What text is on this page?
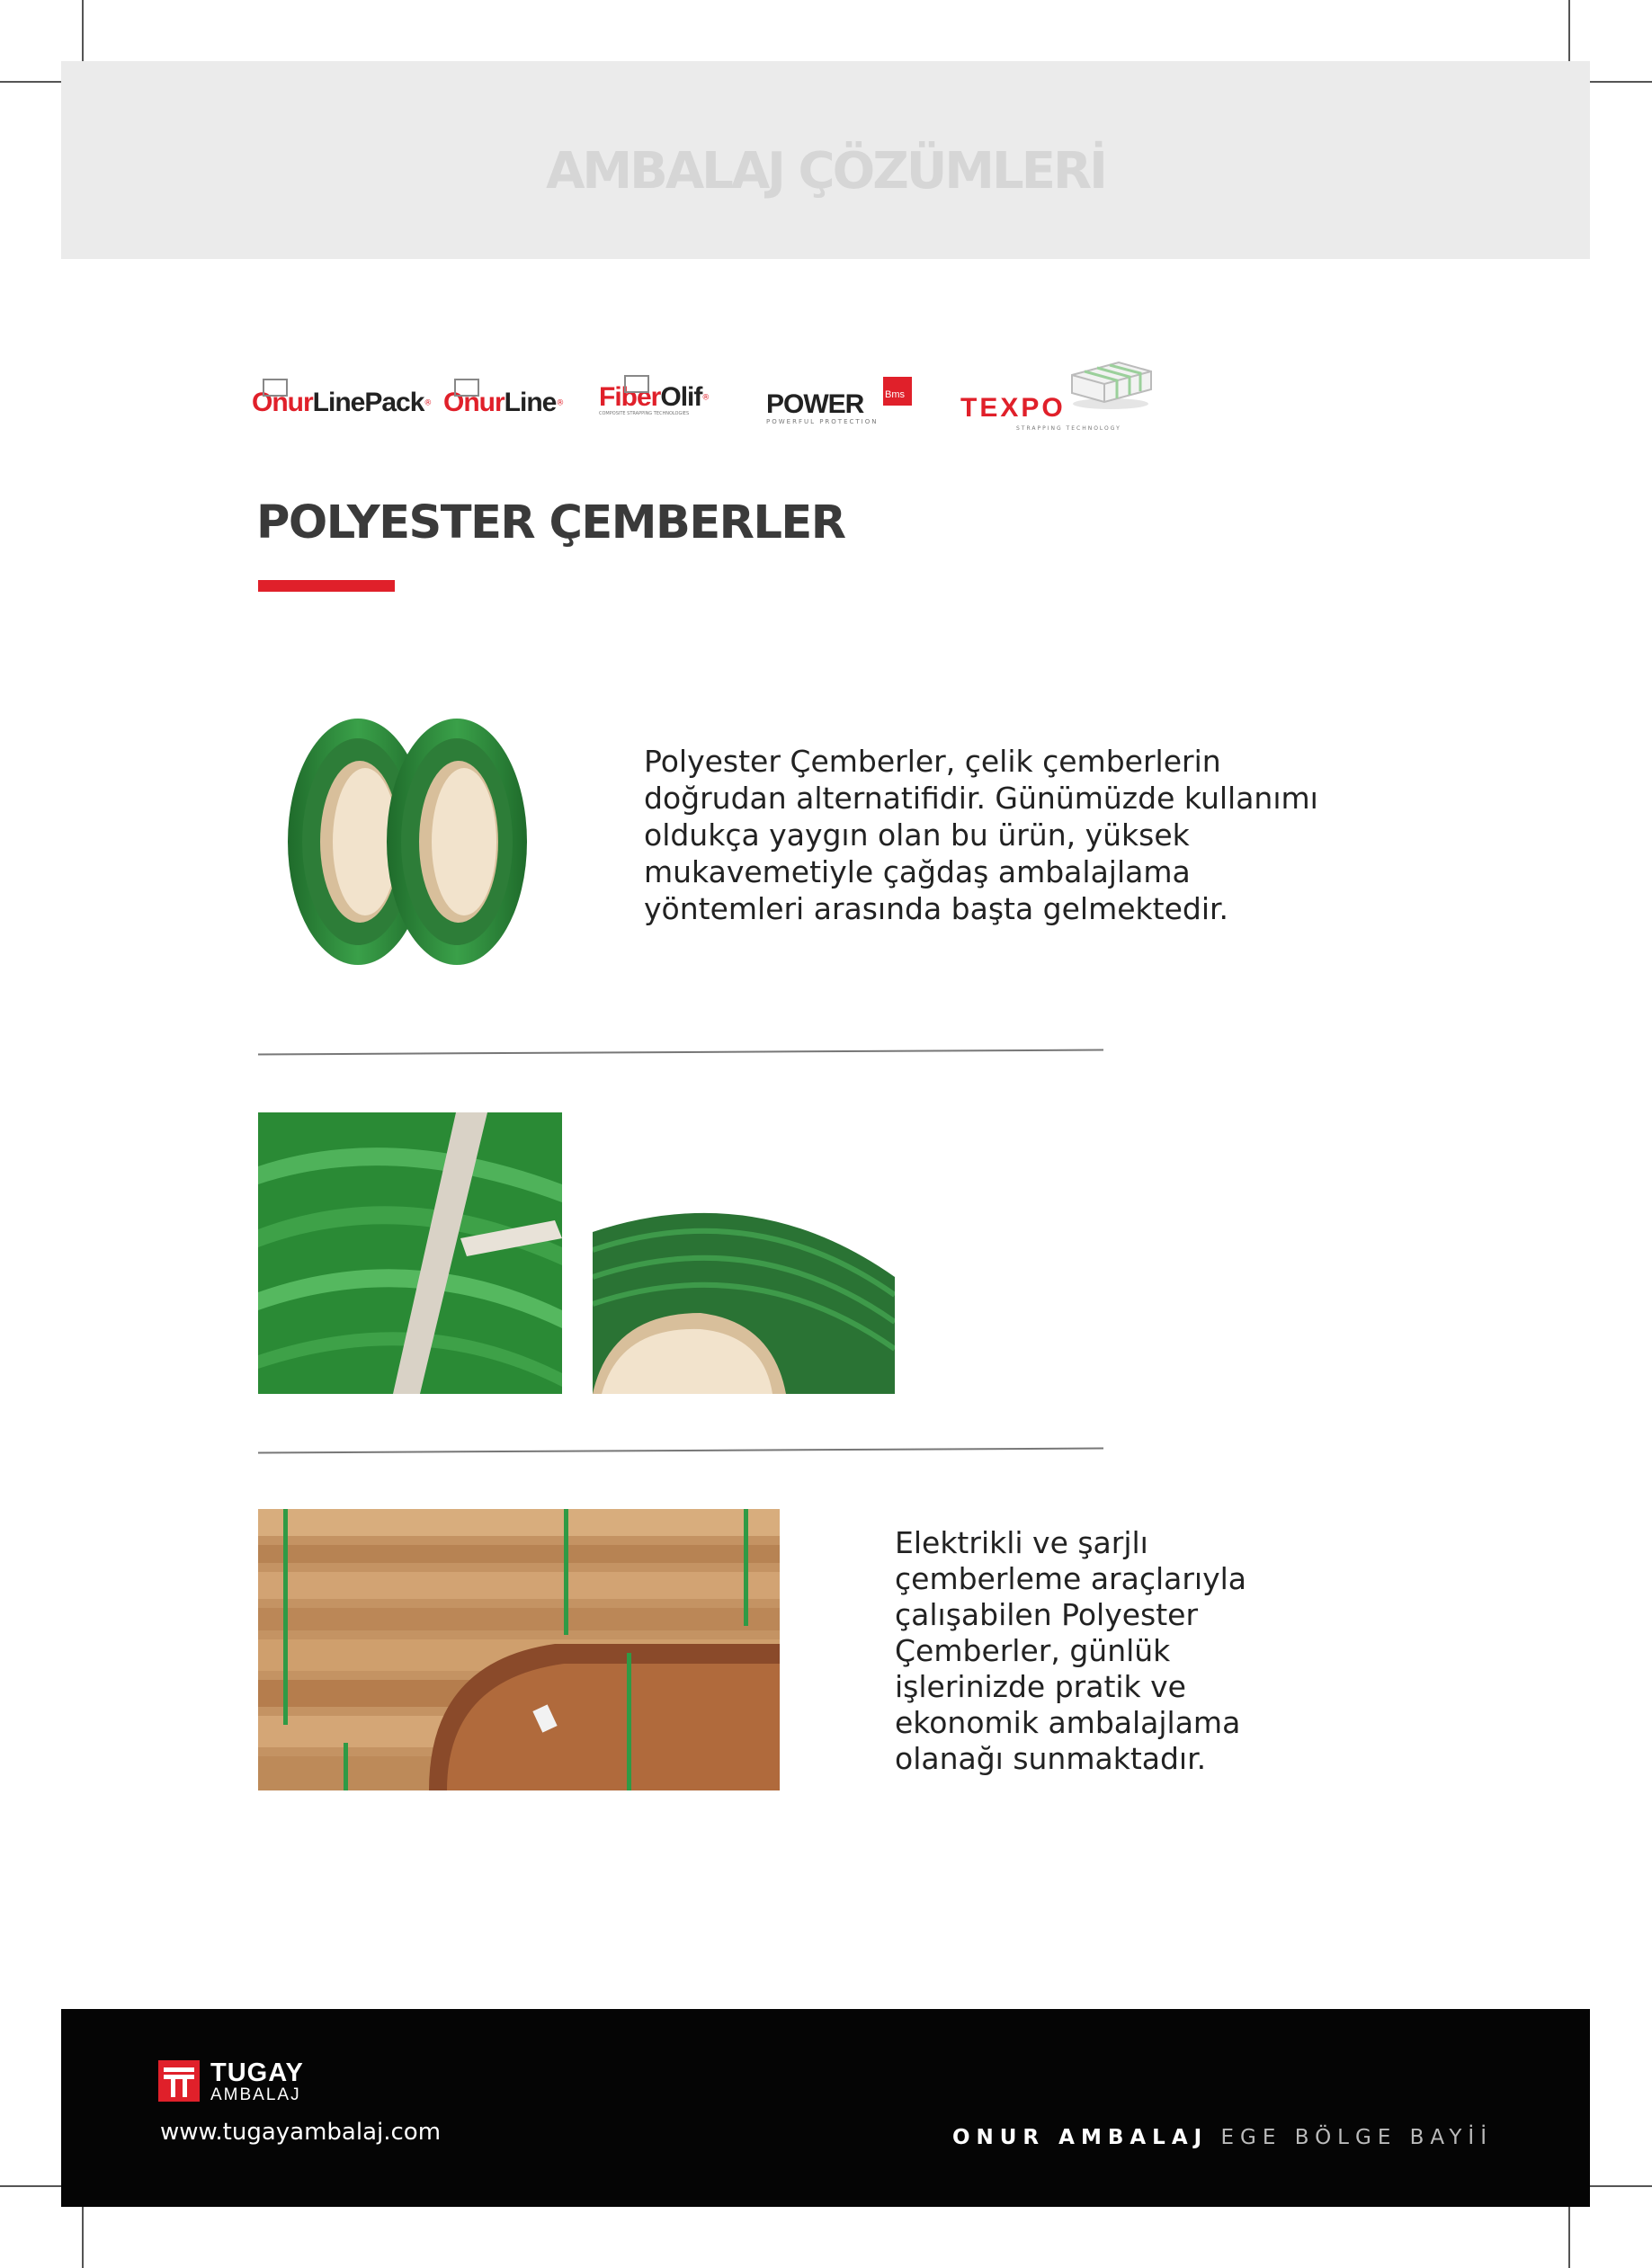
AMBALAJ ÇÖZÜMLERİ
OnurLinePack® OnurLine® FiberOlif®
COMPOSITE STRAPPING TECHNOLOGIES
Bms
POWER
POWERFUL PROTECTION	TEXPO
STRAPPING TECHNOLOGY
POLYESTER ÇEMBERLER
Polyester Çemberler, çelik çemberlerin
doğrudan alternatifidir. Günümüzde kullanımı
oldukça yaygın olan bu ürün, yüksek
mukavemetiyle çağdaş ambalajlama
yöntemleri arasında başta gelmektedir.
Elektrikli ve şarjlı
çemberleme araçlarıyla
çalışabilen Polyester
Çemberler, günlük
işlerinizde pratik ve
ekonomik ambalajlama
olanağı sunmaktadır.
TUGAY
AMBALAJ
www.tugayambalaj.com	ONUR AMBALAJ EGE BÖLGE BAYİİ
